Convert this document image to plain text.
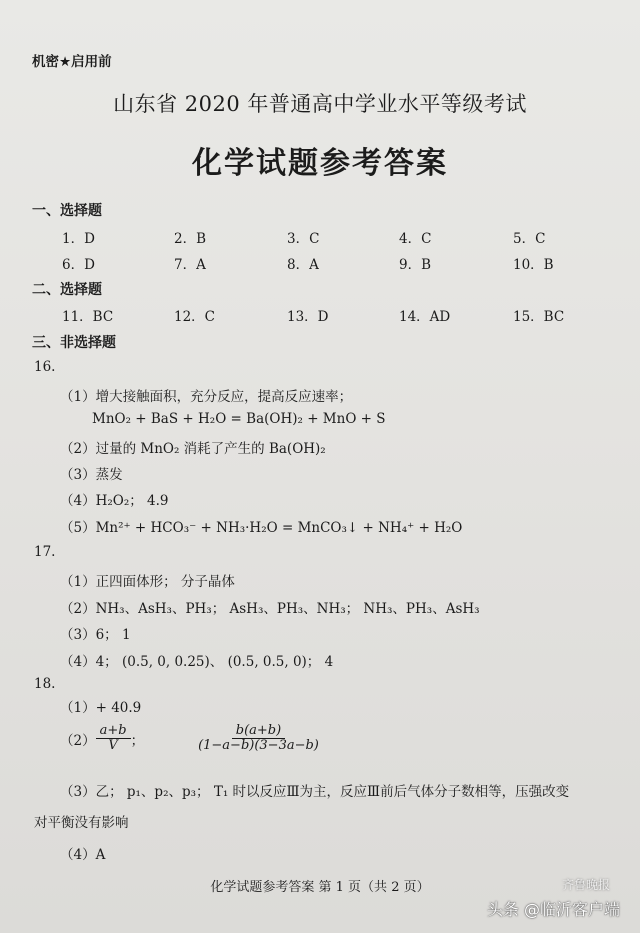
机密★启用前
山东省 2020 年普通高中学业水平等级考试
化学试题参考答案
一、选择题
1．D	2．B	3．C	4．C	5．C
6．D	7．A	8．A	9．B	10．B
二、选择题
11．BC	12．C	13．D	14．AD	15．BC
三、非选择题
16.
（1）增大接触面积，充分反应，提高反应速率；
MnO₂ + BaS + H₂O = Ba(OH)₂ + MnO + S
（2）过量的 MnO₂ 消耗了产生的 Ba(OH)₂
（3）蒸发
（4）H₂O₂； 4.9
（5）Mn²⁺ + HCO₃⁻ + NH₃·H₂O = MnCO₃↓ + NH₄⁺ + H₂O
17.
（1）正四面体形； 分子晶体
（2）NH₃、AsH₃、PH₃； AsH₃、PH₃、NH₃； NH₃、PH₃、AsH₃
（3）6； 1
（4）4； (0.5, 0, 0.25)、 (0.5, 0.5, 0)； 4
18.
（1）+ 40.9
$(2) \frac{a+b}{V}$ ；	$\frac{b(a+b)}{(1-a-b)(3-3a-b)}$
（3）乙； p₁、p₂、p₃； T₁ 时以反应Ⅲ为主，反应Ⅲ前后气体分子数相等，压强改变
对平衡没有影响
（4）A
化学试题参考答案 第 1 页（共 2 页）	齐鲁晚报
头条 @临沂客户端
